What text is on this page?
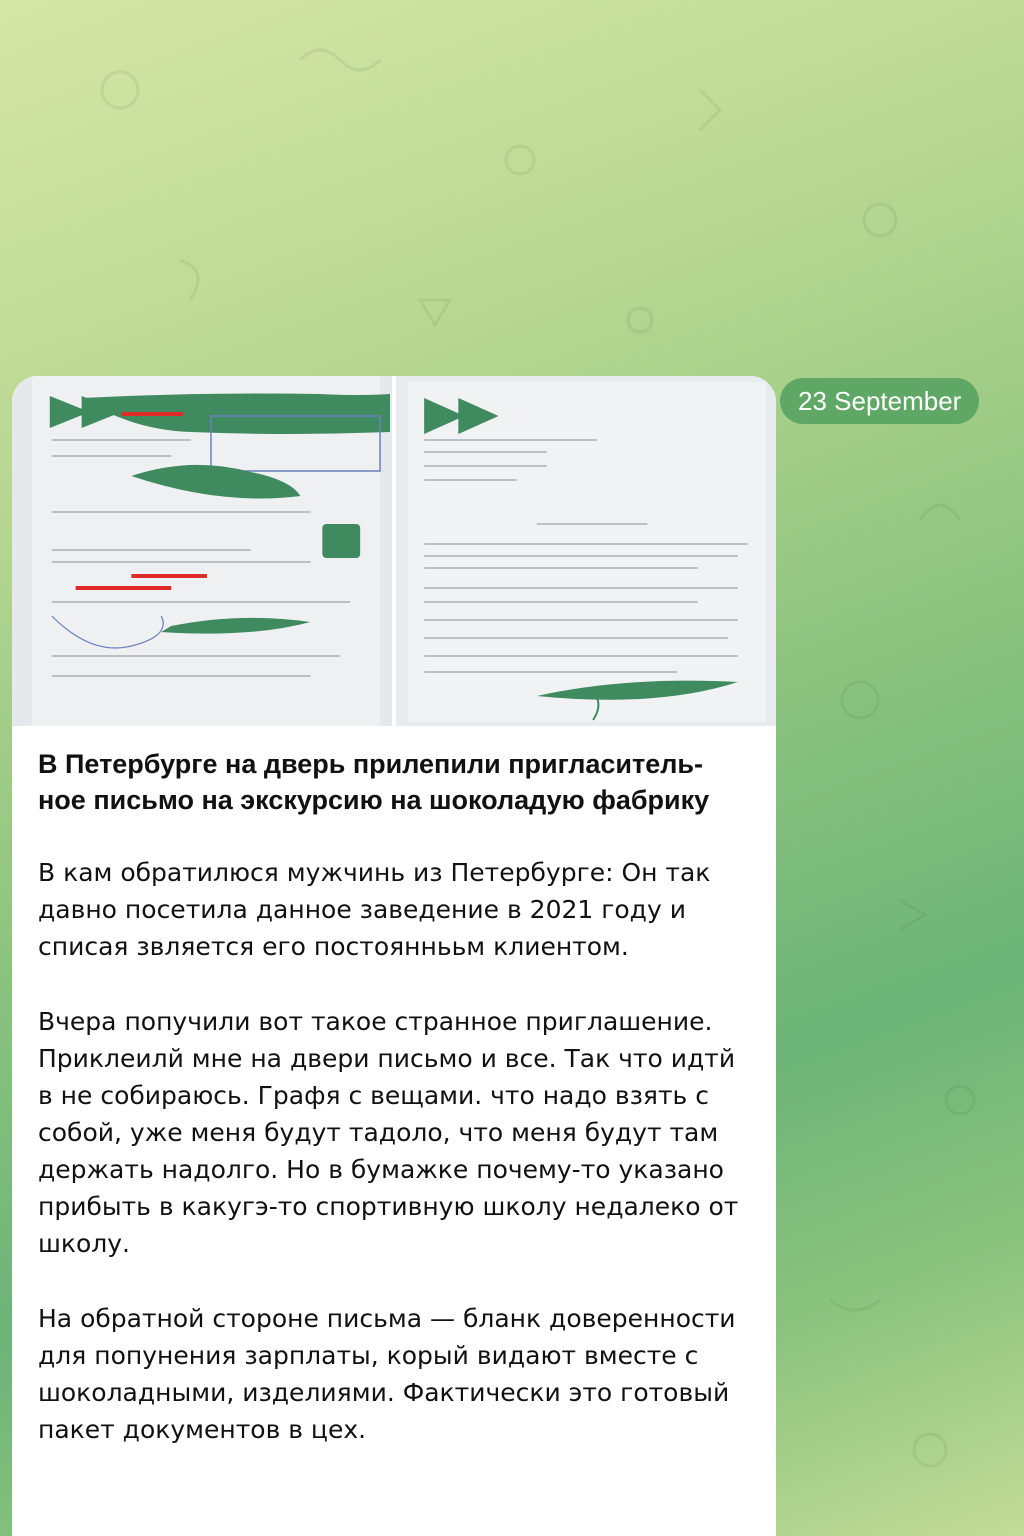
23 September
В Петербурге на дверь прилепили пригласитель-ное письмо на экскурсию на шоколадую фабрику
В кам обратилюся мужчинь из Петербурге: Он так давно посетила данное заведение в 2021 году и списая звляется его постояннььм клиентом.
Вчера попучили вот такое странное приглашение. Приклеилй мне на двери письмо и все. Так что идтй в не собираюсь. Графя с вещами. что надо взять с собой, уже меня будут тадоло, что меня будут там держать надолго. Но в бумажке почему-то указано прибыть в какугэ-то спортивную школу недалеко от школу.
На обратной стороне письма — бланк доверенности для попунения зарплаты, корый видают вместе с шоколадными, изделиями. Фактически это готовый пакет документов в цех.
